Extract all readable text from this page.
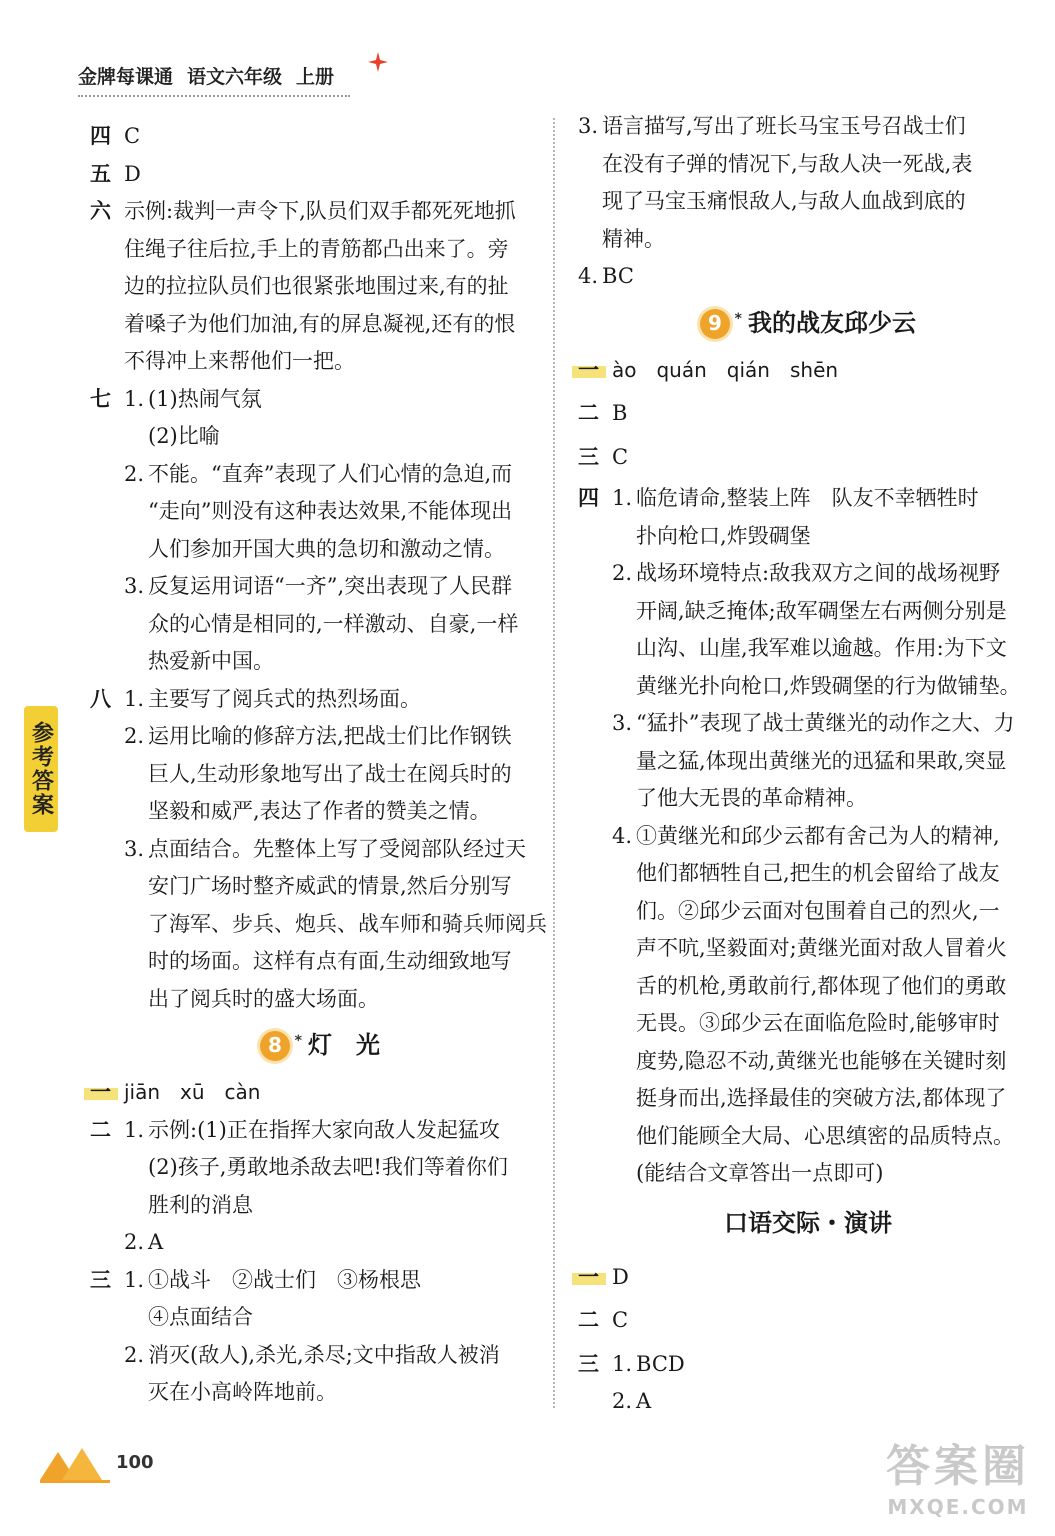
金牌每课通 语文六年级 上册
参考答案
四 C
五 D
六 示例:裁判一声令下,队员们双手都死死地抓
住绳子往后拉,手上的青筋都凸出来了。旁
边的拉拉队员们也很紧张地围过来,有的扯
着嗓子为他们加油,有的屏息凝视,还有的恨
不得冲上来帮他们一把。
七 1. (1)热闹气氛
(2)比喻
2. 不能。“直奔”表现了人们心情的急迫,而
“走向”则没有这种表达效果,不能体现出
人们参加开国大典的急切和激动之情。
3. 反复运用词语“一齐”,突出表现了人民群
众的心情是相同的,一样激动、自豪,一样
热爱新中国。
八 1. 主要写了阅兵式的热烈场面。
2. 运用比喻的修辞方法,把战士们比作钢铁
巨人,生动形象地写出了战士在阅兵时的
坚毅和威严,表达了作者的赞美之情。
3. 点面结合。先整体上写了受阅部队经过天
安门广场时整齐威武的情景,然后分别写
了海军、步兵、炮兵、战车师和骑兵师阅兵
时的场面。这样有点有面,生动细致地写
出了阅兵时的盛大场面。
8 *	灯　光
一 jiān　xū　càn
二 1. 示例:(1)正在指挥大家向敌人发起猛攻
(2)孩子,勇敢地杀敌去吧!我们等着你们
胜利的消息
2. A
三 1. ①战斗　②战士们　③杨根思
④点面结合
2. 消灭(敌人),杀光,杀尽;文中指敌人被消
灭在小高岭阵地前。
3. 语言描写,写出了班长马宝玉号召战士们
在没有子弹的情况下,与敌人决一死战,表
现了马宝玉痛恨敌人,与敌人血战到底的
精神。
4. BC
9 *	我的战友邱少云
一 ào　quán　qián　shēn
二 B
三 C
四 1. 临危请命,整装上阵　队友不幸牺牲时
扑向枪口,炸毁碉堡
2. 战场环境特点:敌我双方之间的战场视野
开阔,缺乏掩体;敌军碉堡左右两侧分别是
山沟、山崖,我军难以逾越。作用:为下文
黄继光扑向枪口,炸毁碉堡的行为做铺垫。
3. “猛扑”表现了战士黄继光的动作之大、力
量之猛,体现出黄继光的迅猛和果敢,突显
了他大无畏的革命精神。
4. ①黄继光和邱少云都有舍己为人的精神,
他们都牺牲自己,把生的机会留给了战友
们。②邱少云面对包围着自己的烈火,一
声不吭,坚毅面对;黄继光面对敌人冒着火
舌的机枪,勇敢前行,都体现了他们的勇敢
无畏。③邱少云在面临危险时,能够审时
度势,隐忍不动,黄继光也能够在关键时刻
挺身而出,选择最佳的突破方法,都体现了
他们能顾全大局、心思缜密的品质特点。
(能结合文章答出一点即可)
口语交际・演讲
一 D
二 C
三 1. BCD
2. A
100	答案圈
MXQE.COM
